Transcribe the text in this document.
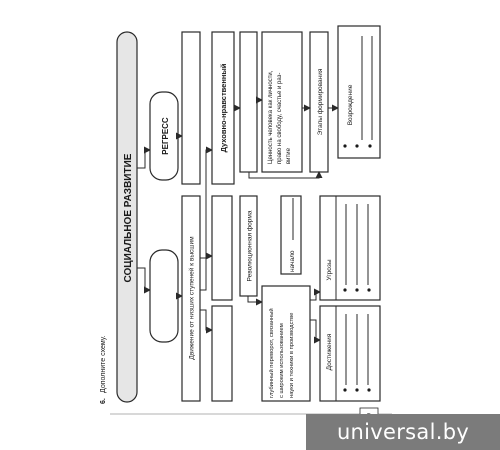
6.
Дополните схему.
СОЦИАЛЬНОЕ РАЗВИТИЕ
РЕГРЕСС
Движение от низших ступеней к высшим
Духовно-нравственный	Ценность человека как личности, право на свободу, счастье и раз- витие
Этапы формирования	Возрождение
Революционная форма	начало
глубинный переворот, связанный с широким использованием науки и техники в производстве
Угрозы
Достижения
universal.by
